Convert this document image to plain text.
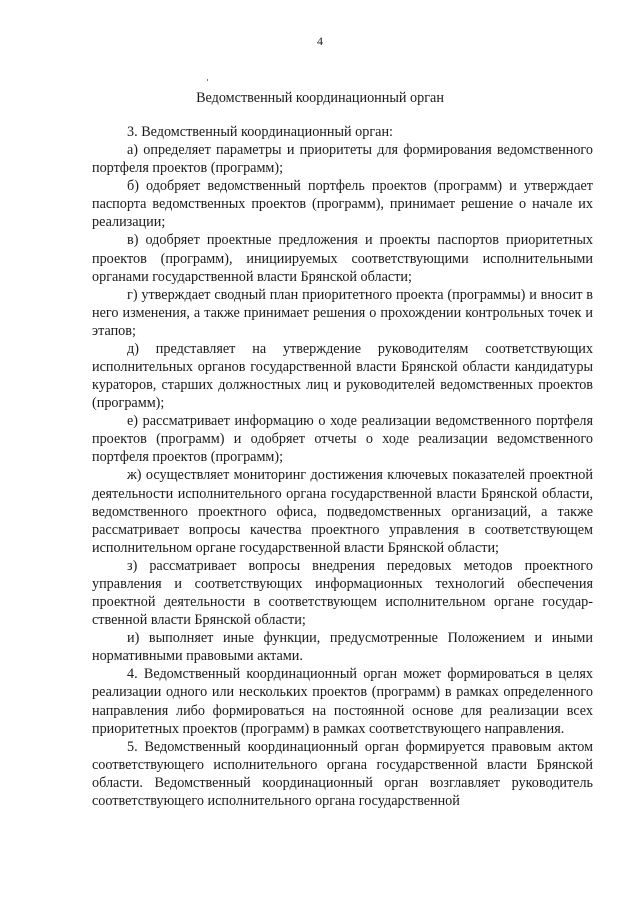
4
Ведомственный координационный орган

3. Ведомственный координационный орган:

а) определяет параметры и приоритеты для формирования ведомственного портфеля проектов (программ);

б) одобряет ведомственный портфель проектов (программ) и утверждает паспорта ведомственных проектов (программ), принимает решение о начале их реализации;

в) одобряет проектные предложения и проекты паспортов приоритетных проектов (программ), инициируемых соответствующими исполнительными органами государственной власти Брянской области;

г) утверждает сводный план приоритетного проекта (программы) и вносит в него изменения, а также принимает решения о прохождении контрольных точек и этапов;

д) представляет на утверждение руководителям соответствующих исполнительных органов государственной власти Брянской области кандидатуры кураторов, старших должностных лиц и руководителей ведомственных проектов (программ);

е) рассматривает информацию о ходе реализации ведомственного портфеля проектов (программ) и одобряет отчеты о ходе реализации ведомственного портфеля проектов (программ);

ж) осуществляет мониторинг достижения ключевых показателей проектной деятельности исполнительного органа государственной власти Брянской области, ведомственного проектного офиса, подведомственных организаций, а также рассматривает вопросы качества проектного управления в соответствующем исполнительном органе государственной власти Брянской области;

з) рассматривает вопросы внедрения передовых методов проектного управления и соответствующих информационных технологий обеспечения проектной деятельности в соответствующем исполнительном органе государственной власти Брянской области;

и) выполняет иные функции, предусмотренные Положением и иными нормативными правовыми актами.

4. Ведомственный координационный орган может формироваться в целях реализации одного или нескольких проектов (программ) в рамках определенного направления либо формироваться на постоянной основе для реализации всех приоритетных проектов (программ) в рамках соответствующего направления.

5. Ведомственный координационный орган формируется правовым актом соответствующего исполнительного органа государственной власти Брянской области. Ведомственный координационный орган возглавляет руководитель соответствующего исполнительного органа государственной
